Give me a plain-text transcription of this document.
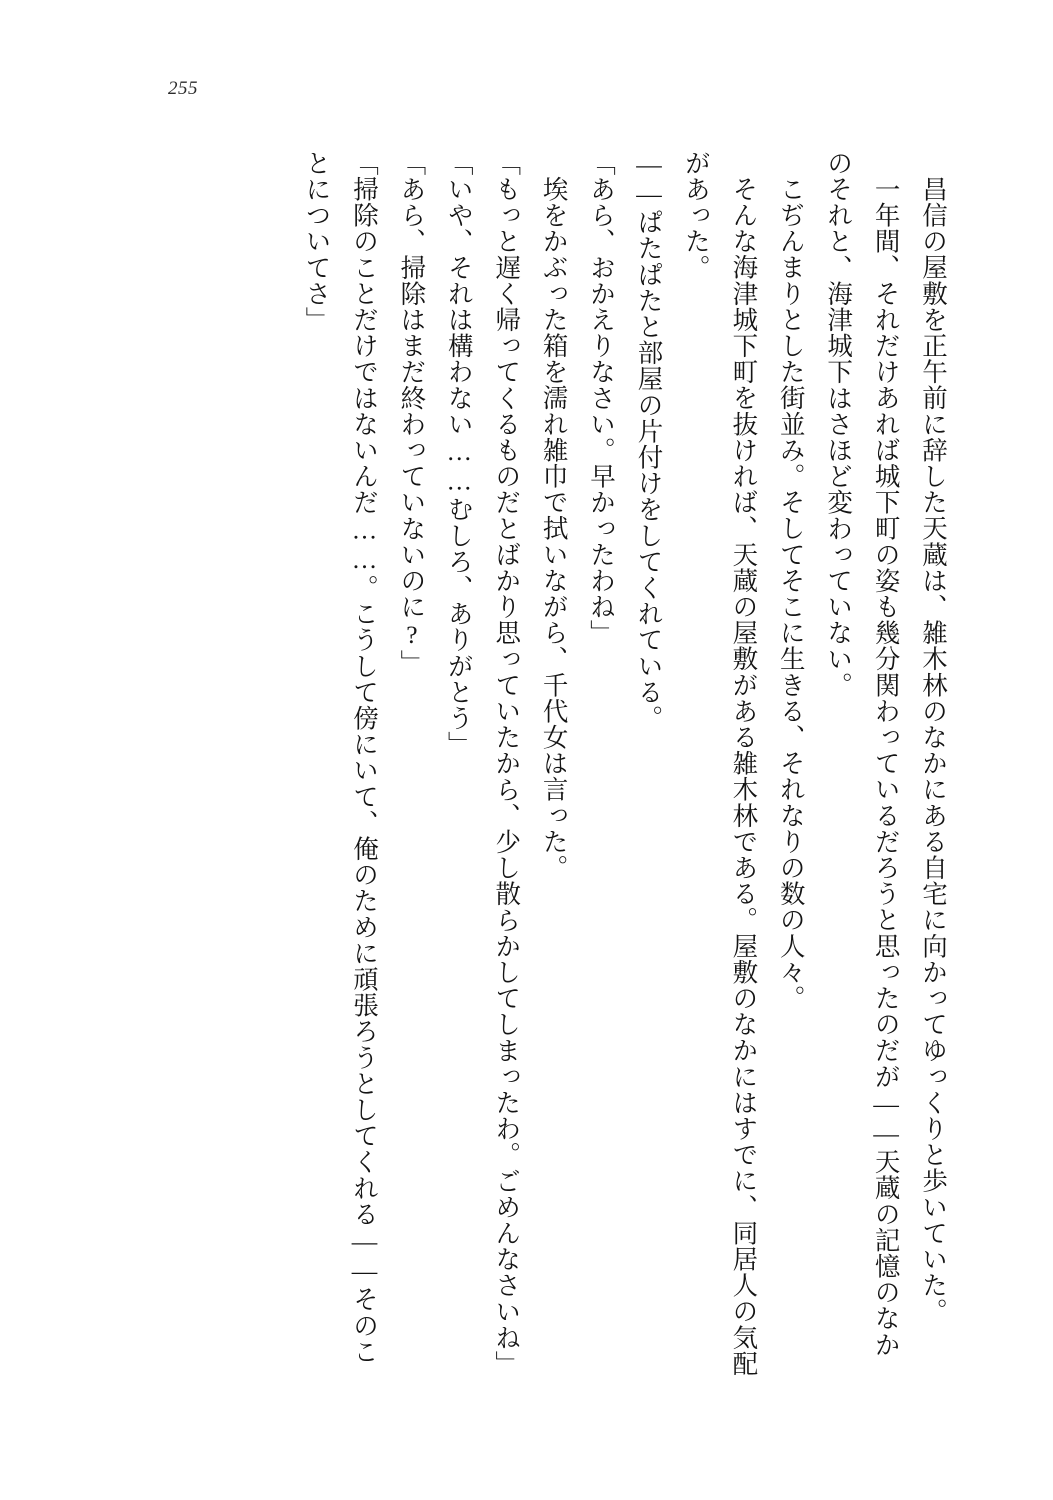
255

昌信の屋敷を正午前に辞した天蔵は、雑木林のなかにある自宅に向かってゆっくりと歩いていた。

一年間、それだけあれば城下町の姿も幾分関わっているだろうと思ったのだが——天蔵の記憶のなかのそれと、海津城下はさほど変わっていない。

こぢんまりとした街並み。そしてそこに生きる、それなりの数の人々。

そんな海津城下町を抜ければ、天蔵の屋敷がある雑木林である。屋敷のなかにはすでに、同居人の気配があった。

——ぱたぱたと部屋の片付けをしてくれている。

「あら、おかえりなさい。早かったわね」

埃をかぶった箱を濡れ雑巾で拭いながら、千代女は言った。

「もっと遅く帰ってくるものだとばかり思っていたから、少し散らかしてしまったわ。ごめんなさいね」

「いや、それは構わない……むしろ、ありがとう」

「あら、掃除はまだ終わっていないのに?」

「掃除のことだけではないんだ……。こうして傍にいて、俺のために頑張ろうとしてくれる——そのことについてさ」
